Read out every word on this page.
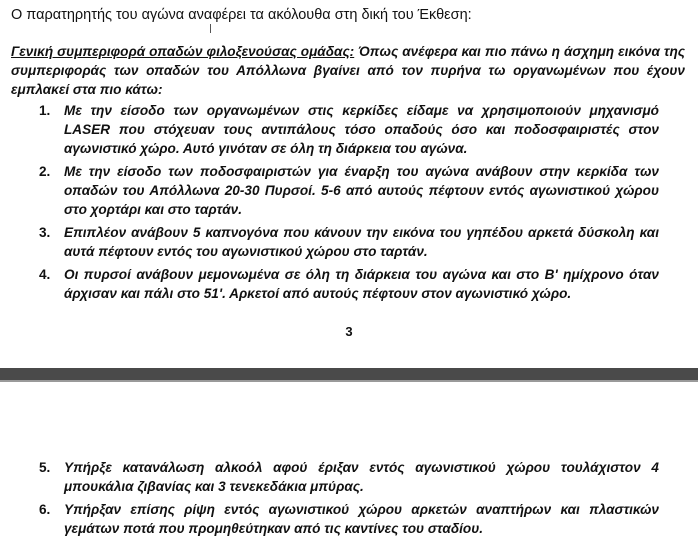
Ο παρατηρητής του αγώνα αναφέρει τα ακόλουθα στη δική του Έκθεση:
Γενική συμπεριφορά οπαδών φιλοξενούσας ομάδας: Όπως ανέφερα και πιο πάνω η άσχημη εικόνα της συμπεριφοράς των οπαδών του Απόλλωνα βγαίνει από τον πυρήνα τω οργανωμένων που έχουν εμπλακεί στα πιο κάτω:
1. Με την είσοδο των οργανωμένων στις κερκίδες είδαμε να χρησιμοποιούν μηχανισμό LASER που στόχευαν τους αντιπάλους τόσο οπαδούς όσο και ποδοσφαιριστές στον αγωνιστικό χώρο. Αυτό γινόταν σε όλη τη διάρκεια του αγώνα.
2. Με την είσοδο των ποδοσφαιριστών για έναρξη του αγώνα ανάβουν στην κερκίδα των οπαδών του Απόλλωνα 20-30 Πυρσοί. 5-6 από αυτούς πέφτουν εντός αγωνιστικού χώρου στο χορτάρι και στο ταρτάν.
3. Επιπλέον ανάβουν 5 καπνογόνα που κάνουν την εικόνα του γηπέδου αρκετά δύσκολη και αυτά πέφτουν εντός του αγωνιστικού χώρου στο ταρτάν.
4. Οι πυρσοί ανάβουν μεμονωμένα σε όλη τη διάρκεια του αγώνα και στο Β' ημίχρονο όταν άρχισαν και πάλι στο 51'. Αρκετοί από αυτούς πέφτουν στον αγωνιστικό χώρο.
3
5. Υπήρξε κατανάλωση αλκοόλ αφού έριξαν εντός αγωνιστικού χώρου τουλάχιστον 4 μπουκάλια ζιβανίας και 3 τενεκεδάκια μπύρας.
6. Υπήρξαν επίσης ρίψη εντός αγωνιστικού χώρου αρκετών αναπτήρων και πλαστικών γεμάτων ποτά που προμηθεύτηκαν από τις καντίνες του σταδίου.
